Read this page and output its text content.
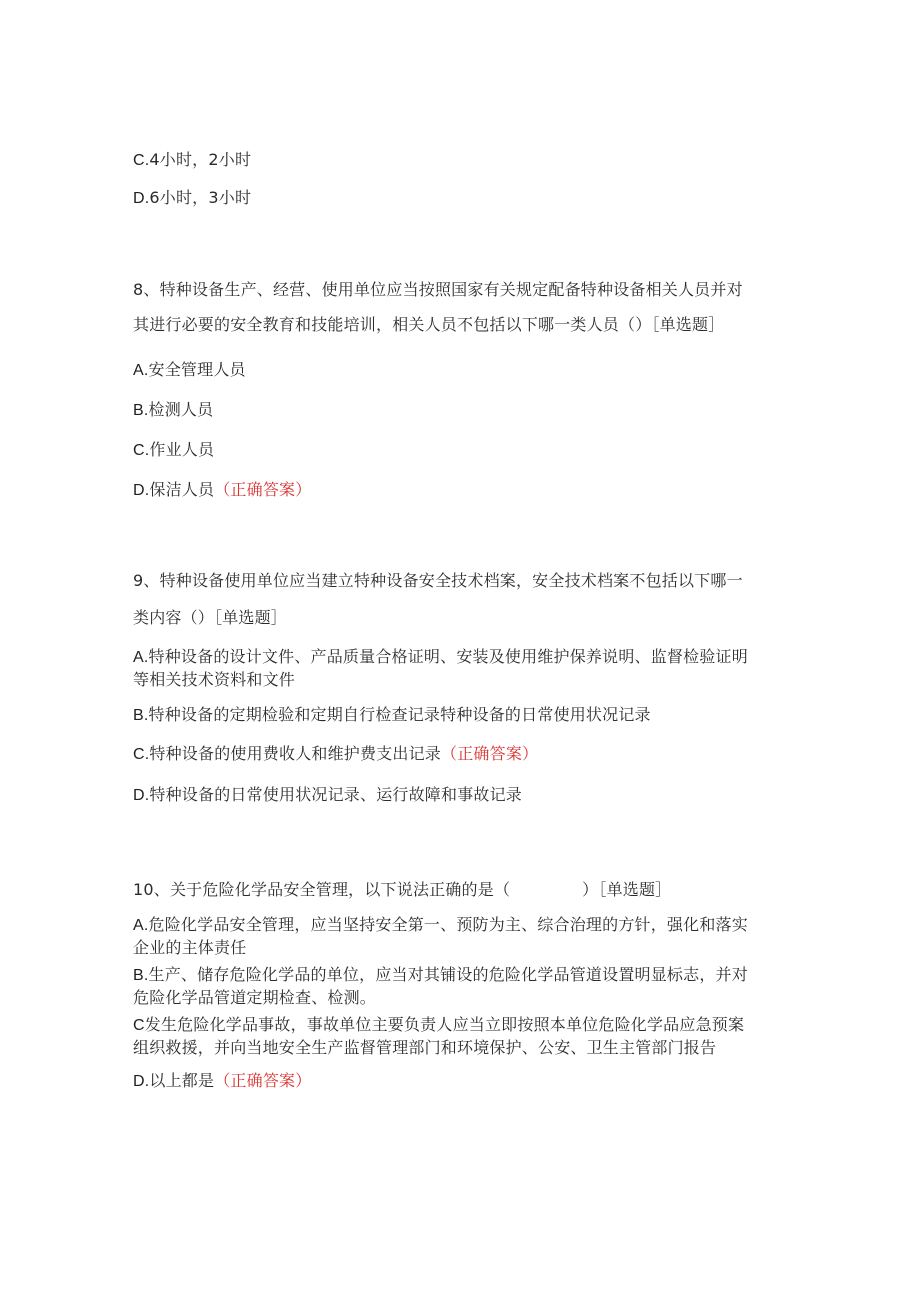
C.4小时，2小时
D.6小时，3小时
8、特种设备生产、经营、使用单位应当按照国家有关规定配备特种设备相关人员并对
其进行必要的安全教育和技能培训，相关人员不包括以下哪一类人员（）［单选题］
A.安全管理人员
B.检测人员
C.作业人员
D.保洁人员（正确答案）
9、特种设备使用单位应当建立特种设备安全技术档案，安全技术档案不包括以下哪一
类内容（）［单选题］
A.特种设备的设计文件、产品质量合格证明、安装及使用维护保养说明、监督检验证明
等相关技术资料和文件
B.特种设备的定期检验和定期自行检查记录特种设备的日常使用状况记录
C.特种设备的使用费收人和维护费支出记录（正确答案）
D.特种设备的日常使用状况记录、运行故障和事故记录
10、关于危险化学品安全管理，以下说法正确的是（	）［单选题］
A.危险化学品安全管理，应当坚持安全第一、预防为主、综合治理的方针，强化和落实
企业的主体责任
B.生产、储存危险化学品的单位，应当对其铺设的危险化学品管道设置明显标志，并对
危险化学品管道定期检查、检测。
C发生危险化学品事故，事故单位主要负责人应当立即按照本单位危险化学品应急预案
组织救援，并向当地安全生产监督管理部门和环境保护、公安、卫生主管部门报告
D.以上都是（正确答案）
